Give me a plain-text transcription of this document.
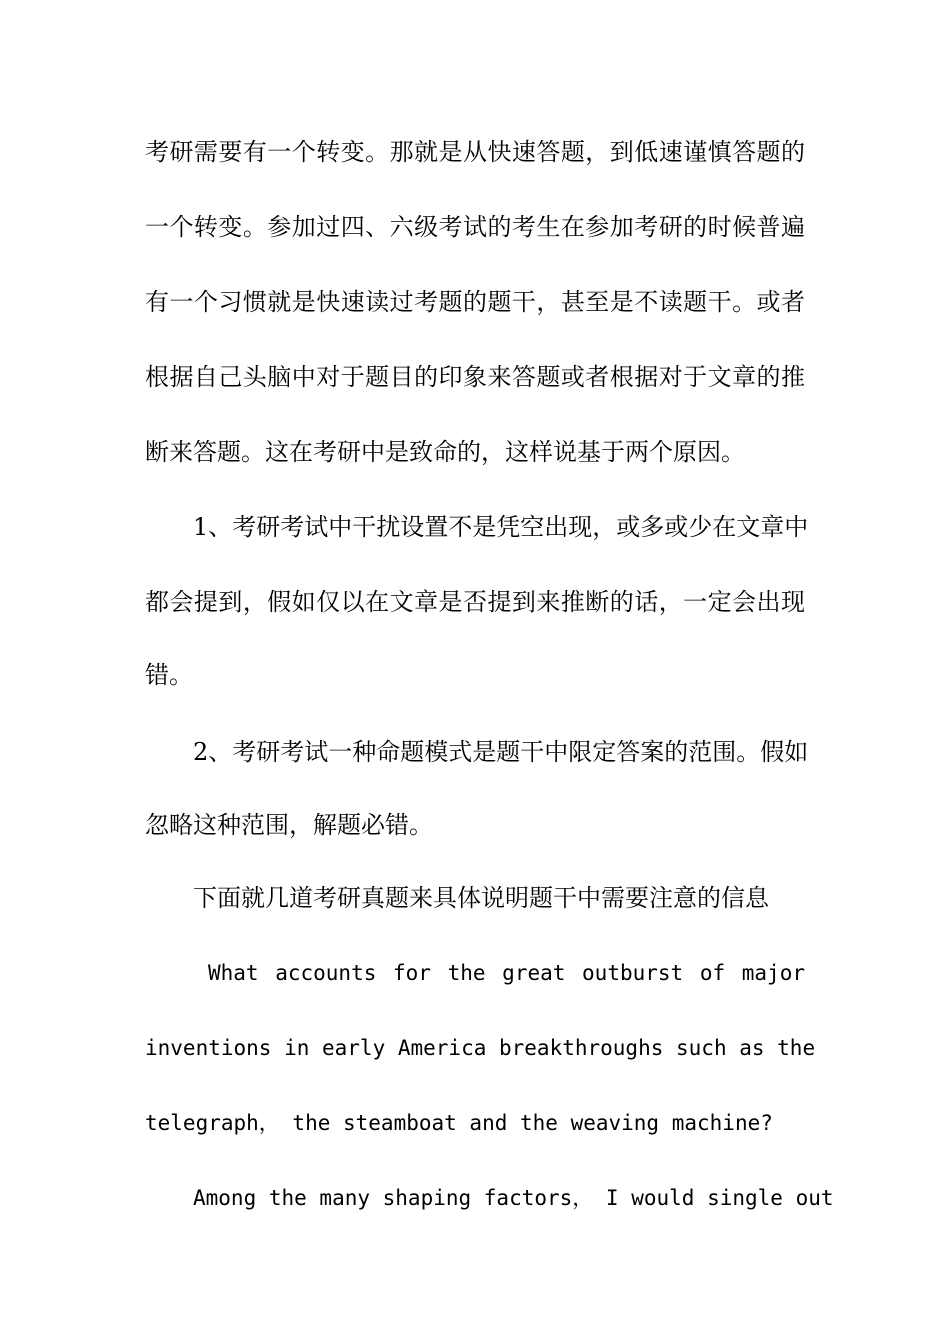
考研需要有一个转变。那就是从快速答题，到低速谨慎答题的
一个转变。参加过四、六级考试的考生在参加考研的时候普遍
有一个习惯就是快速读过考题的题干，甚至是不读题干。或者
根据自己头脑中对于题目的印象来答题或者根据对于文章的推
断来答题。这在考研中是致命的，这样说基于两个原因。
1、考研考试中干扰设置不是凭空出现，或多或少在文章中
都会提到，假如仅以在文章是否提到来推断的话，一定会出现
错。
2、考研考试一种命题模式是题干中限定答案的范围。假如
忽略这种范围，解题必错。
下面就几道考研真题来具体说明题干中需要注意的信息
What accounts for the great outburst of major
inventions in early America breakthroughs such as the
telegraph， the steamboat and the weaving machine?
Among the many shaping factors， I would single out
